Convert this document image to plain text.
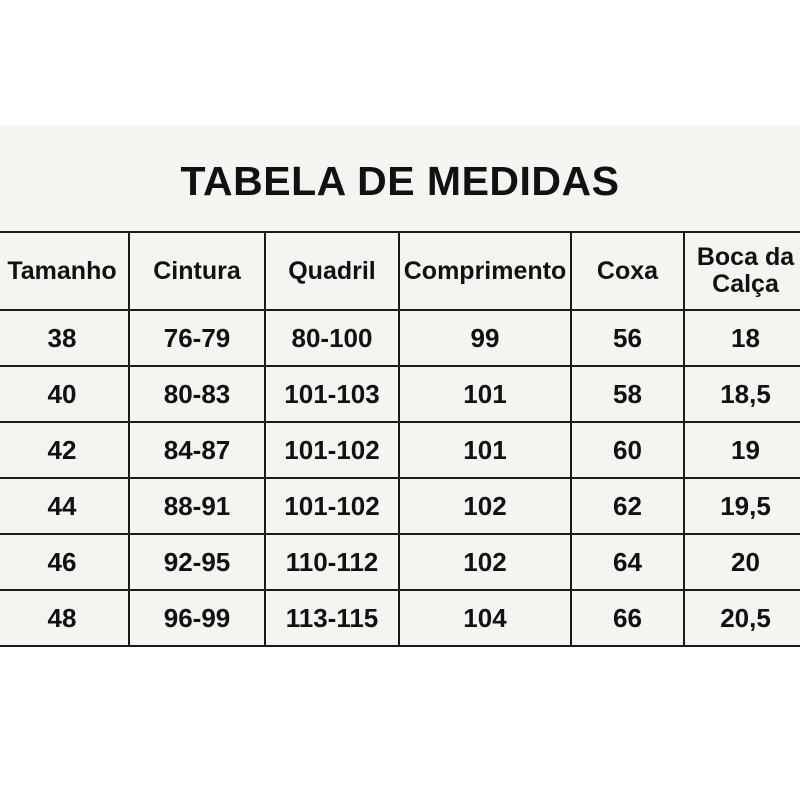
TABELA DE MEDIDAS
Tamanho	Cintura	Quadril	Comprimento	Coxa	Boca da Calça
38	76-79	80-100	99	56	18
40	80-83	101-103	101	58	18,5
42	84-87	101-102	101	60	19
44	88-91	101-102	102	62	19,5
46	92-95	110-112	102	64	20
48	96-99	113-115	104	66	20,5
